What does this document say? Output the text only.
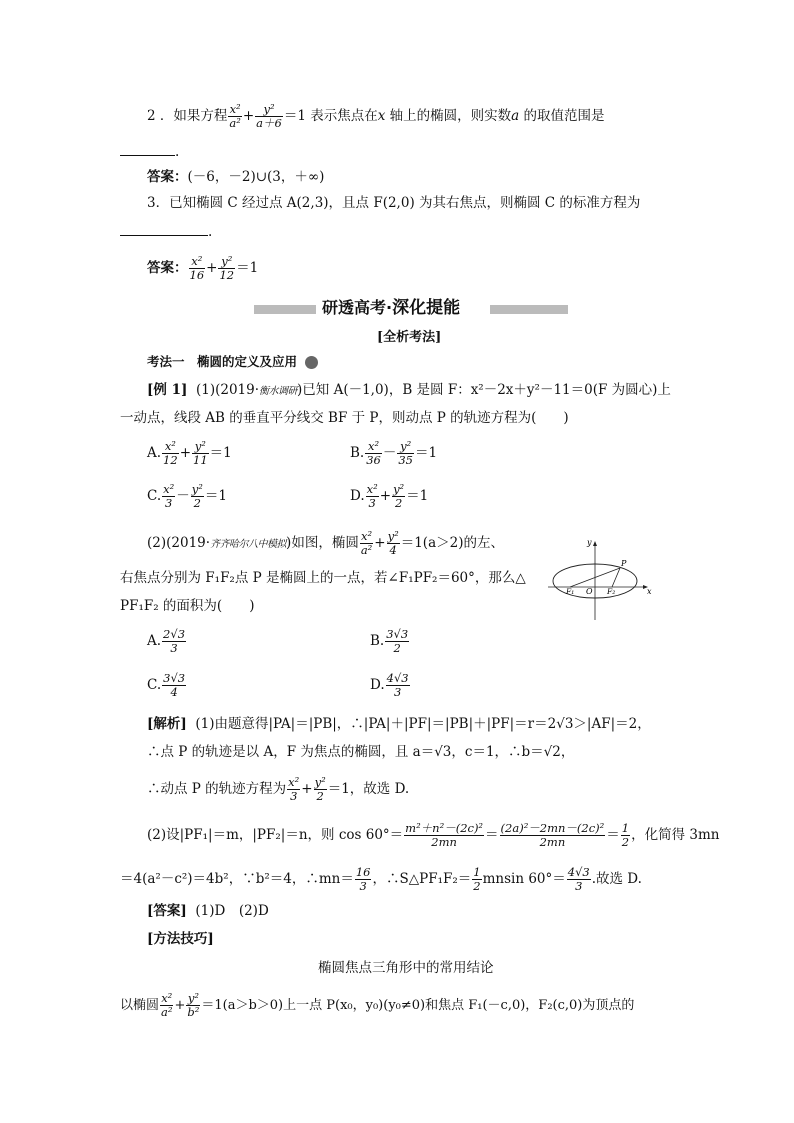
2 ．如果方程 $\frac{\text{x²}}{\text{a²}} + \frac{\text{y²}}{a+6} =1$ 表示焦点在x 轴上的椭圆，则实数a 的取值范围是
.
答案：(－6，－2)∪(3，＋∞)
3．已知椭圆 C 经过点 A(2,3)，且点 F(2,0) 为其右焦点，则椭圆 C 的标准方程为
.
答案： $\frac{\text{x²}}{16} + \frac{\text{y²}}{12} =1$
研透高考·深化提能
[全析考法]
考法一　椭圆的定义及应用
[例 1] (1)(2019·衡水调研)已知 A(－1,0)，B 是圆 F：x²－2x＋y²－11＝0(F 为圆心)上
一动点，线段 AB 的垂直平分线交 BF 于 P，则动点 P 的轨迹方程为(　　)
A. $\frac{\text{x²}}{12} + \frac{\text{y²}}{11} =1$	B. $\frac{\text{x²}}{36} - \frac{\text{y²}}{35} =1$
C. $\frac{\text{x²}}{3} - \frac{\text{y²}}{2} =1$	D. $\frac{\text{x²}}{3} + \frac{\text{y²}}{2} =1$
(2)(2019·齐齐哈尔八中模拟)如图，椭圆 $\frac{\text{x²}}{\text{a²}} + \frac{\text{y²}}{4} =1(a>2)$的左、
右焦点分别为 F₁F₂点 P 是椭圆上的一点，若∠F₁PF₂＝60°，那么△
PF₁F₂ 的面积为(　　)
y
x
P
O
F₁	F₂
A. $\frac{2√3}{3}$	B. $\frac{3√3}{2}$
C. $\frac{3√3}{4}$	D. $\frac{4√3}{3}$
[解析] (1)由题意得|PA|＝|PB|，∴|PA|＋|PF|＝|PB|＋|PF|＝r＝2√3＞|AF|＝2，
∴点 P 的轨迹是以 A，F 为焦点的椭圆，且 a＝√3，c＝1，∴b＝√2，
∴动点 P 的轨迹方程为 $\frac{\text{x²}}{3} + \frac{\text{y²}}{2} =1$，故选 D.
(2)设|PF₁|＝m，|PF₂|＝n，则 $\cos 60^\circ= \frac{\text{m²＋n²－(2c)²}}{2mn} = \frac{\text{(2a)²－2mn－(2c)²}}{2mn} = \frac{1}{2}$ ，化简得 3mn
＝4(a²－c²)＝4b²，∵b²＝4，∴mn＝ $\frac{16}{3}$ ，∴S△PF₁F₂＝ $\frac{1}{2}$ mnsin $60^\circ= \frac{4√3}{3}$ .故选 D.
[答案] (1)D　(2)D
[方法技巧]
椭圆焦点三角形中的常用结论
以椭圆 $\frac{\text{x²}}{\text{a²}} + \frac{\text{y²}}{\text{b²}} =1(a>b>0)$上一点 P(x₀，y₀)(y₀≠0)和焦点 F₁(－c,0)，F₂(c,0)为顶点的
